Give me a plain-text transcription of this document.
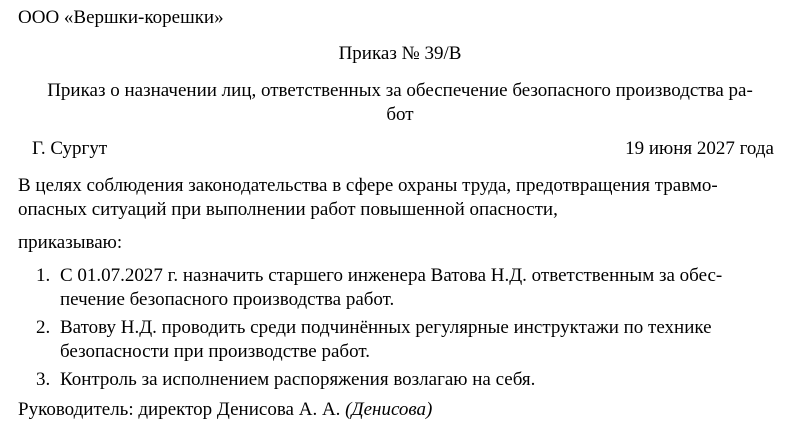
ООО «Вершки-корешки»
Приказ № 39/В
Приказ о назначении лиц, ответственных за обеспечение безопасного производства ра-
бот
Г. Сургут	19 июня 2027 года
В целях соблюдения законодательства в сфере охраны труда, предотвращения травмо-
опасных ситуаций при выполнении работ повышенной опасности,
приказываю:
1. С 01.07.2027 г. назначить старшего инженера Ватова Н.Д. ответственным за обес-
печение безопасного производства работ.
2. Ватову Н.Д. проводить среди подчинённых регулярные инструктажи по технике
безопасности при производстве работ.
3. Контроль за исполнением распоряжения возлагаю на себя.
Руководитель: директор Денисова А. А. (Денисова)
